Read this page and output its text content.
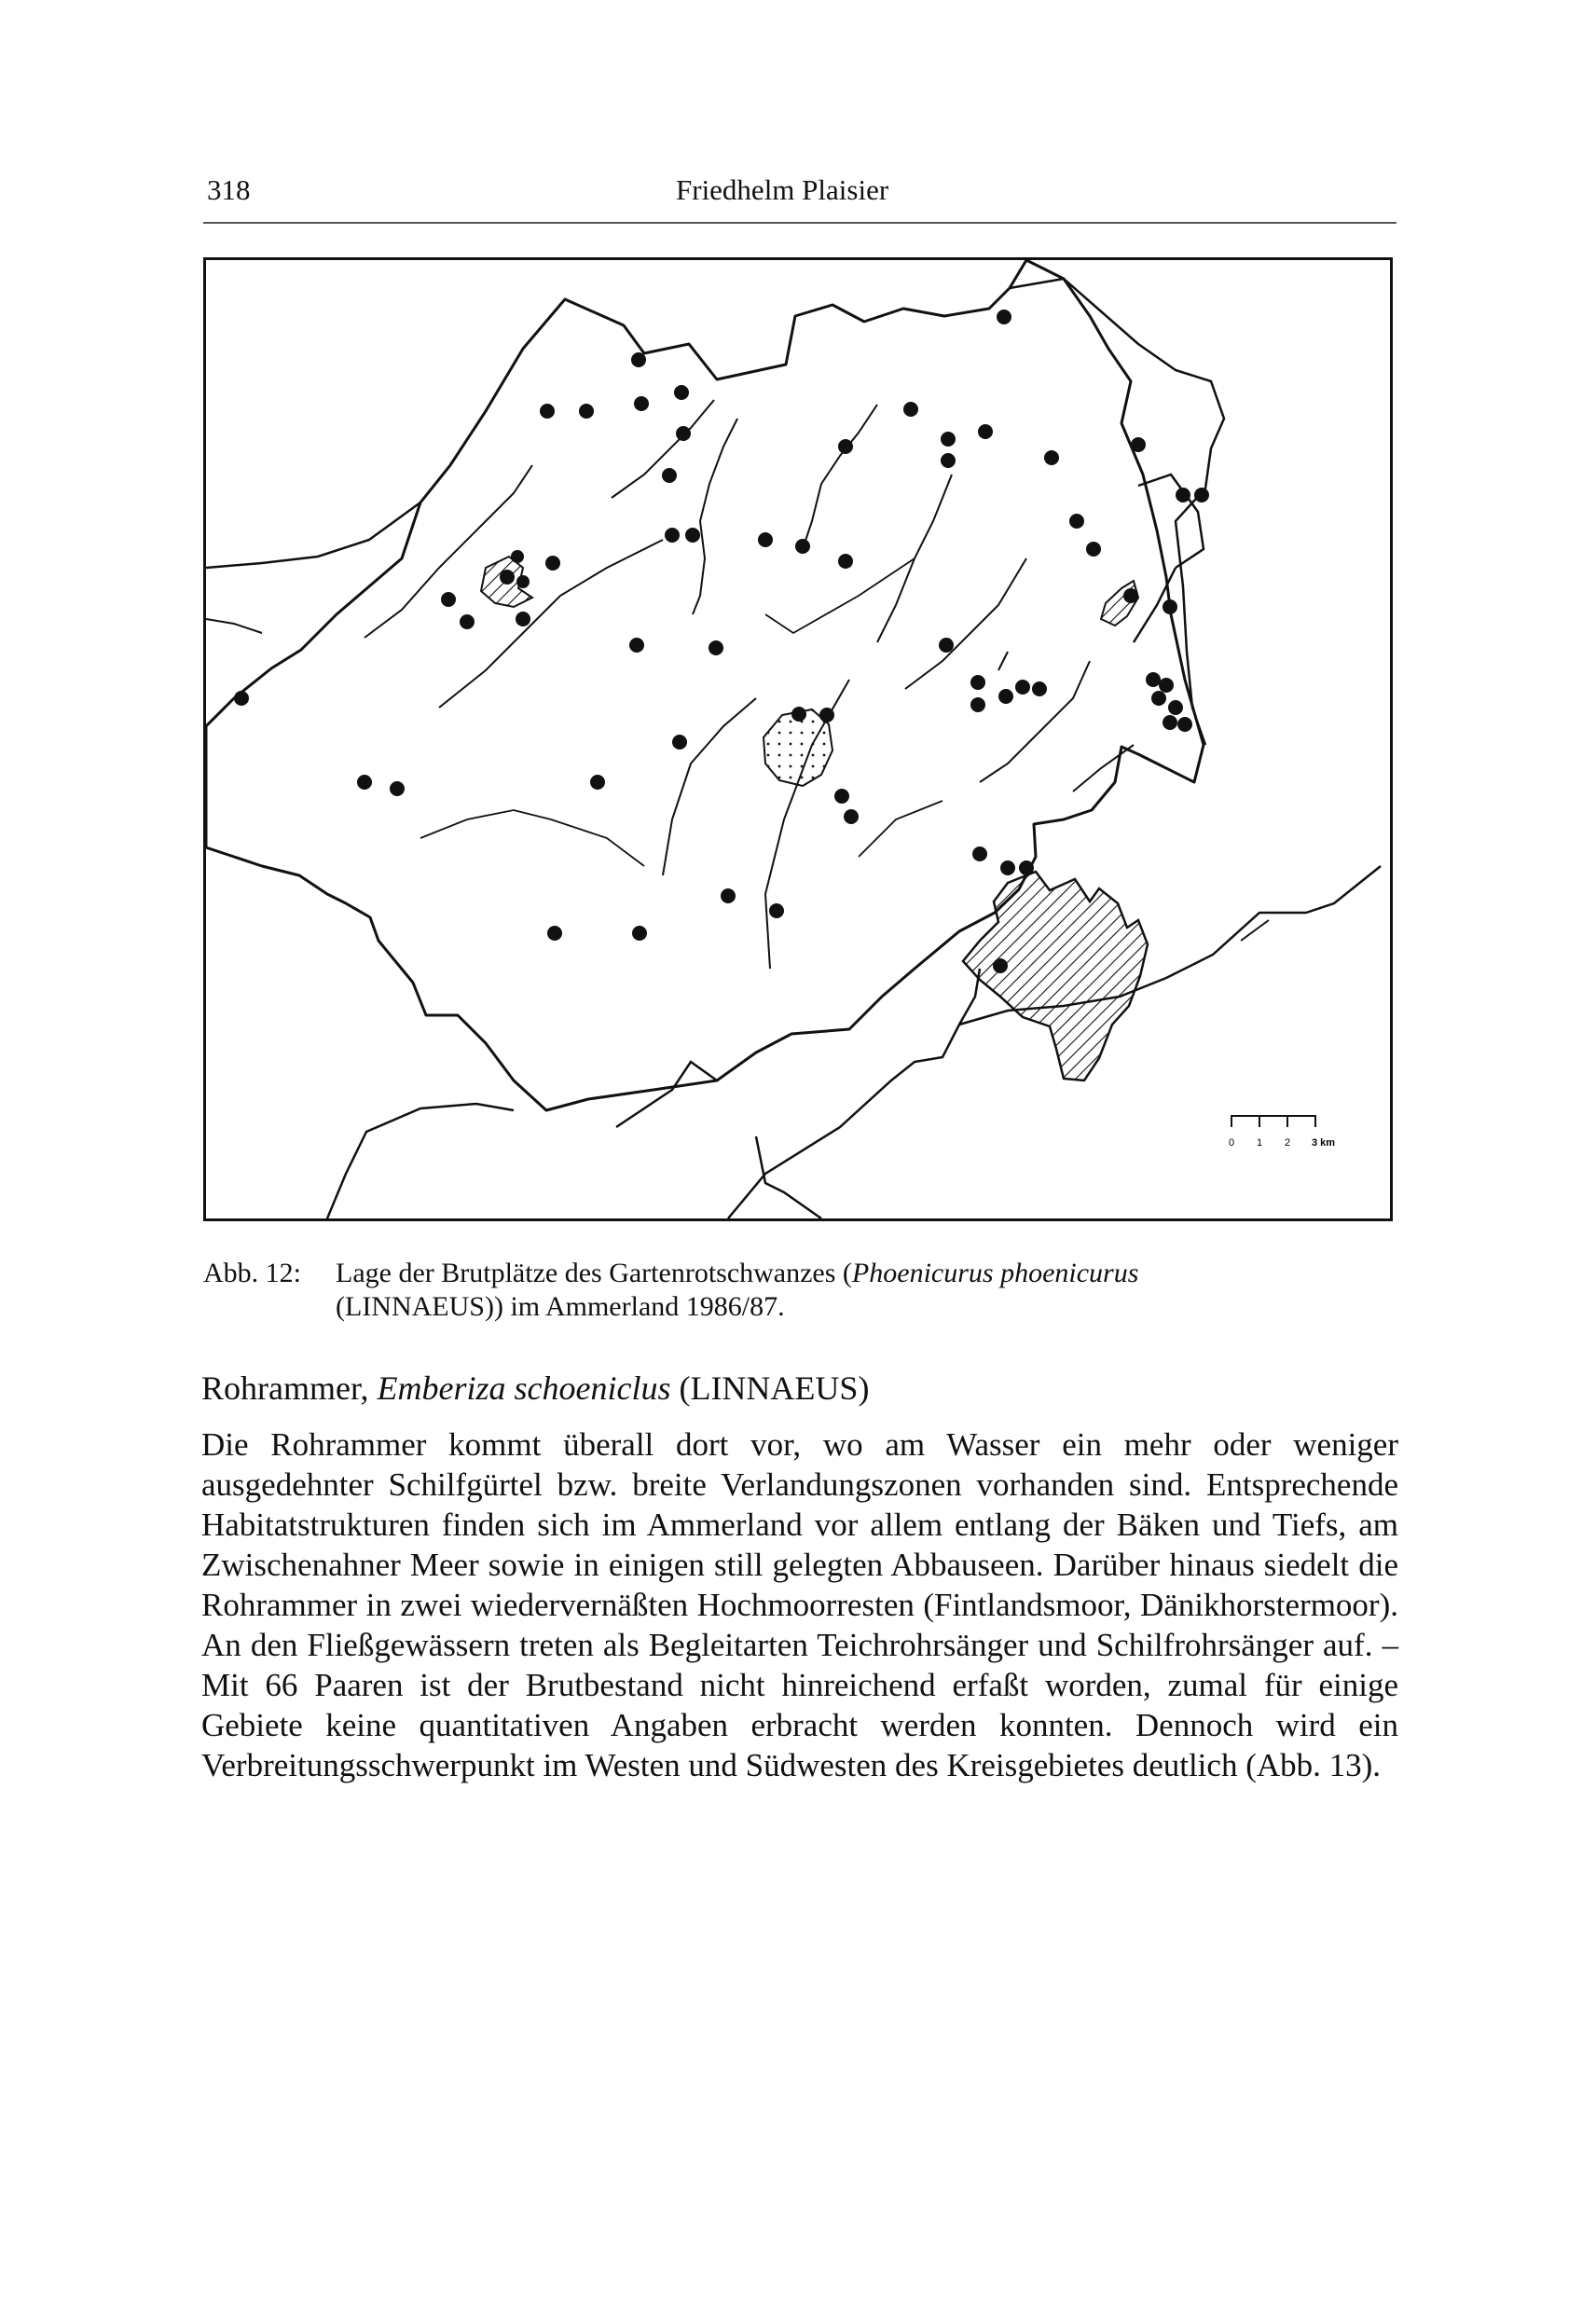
318	Friedhelm Plaisier
0 1 2 3 km
Abb. 12: Lage der Brutplätze des Gartenrotschwanzes (Phoenicurus phoenicurus
(LINNAEUS)) im Ammerland 1986/87.
Rohrammer, Emberiza schoeniclus (LINNAEUS)
Die Rohrammer kommt überall dort vor, wo am Wasser ein mehr oder weniger ausgedehnter Schilfgürtel bzw. breite Verlandungszonen vorhanden sind. Entsprechende Habitatstrukturen finden sich im Ammerland vor allem entlang der Bäken und Tiefs, am Zwischenahner Meer sowie in einigen still gelegten Abbauseen. Darüber hinaus siedelt die Rohrammer in zwei wiedervernäßten Hochmoorresten (Fintlandsmoor, Dänikhorstermoor). An den Fließgewässern treten als Begleitarten Teichrohrsänger und Schilfrohrsänger auf. – Mit 66 Paaren ist der Brutbestand nicht hinreichend erfaßt worden, zumal für einige Gebiete keine quantitativen Angaben erbracht werden konnten. Dennoch wird ein Verbreitungsschwerpunkt im Westen und Südwesten des Kreisgebietes deutlich (Abb. 13).
